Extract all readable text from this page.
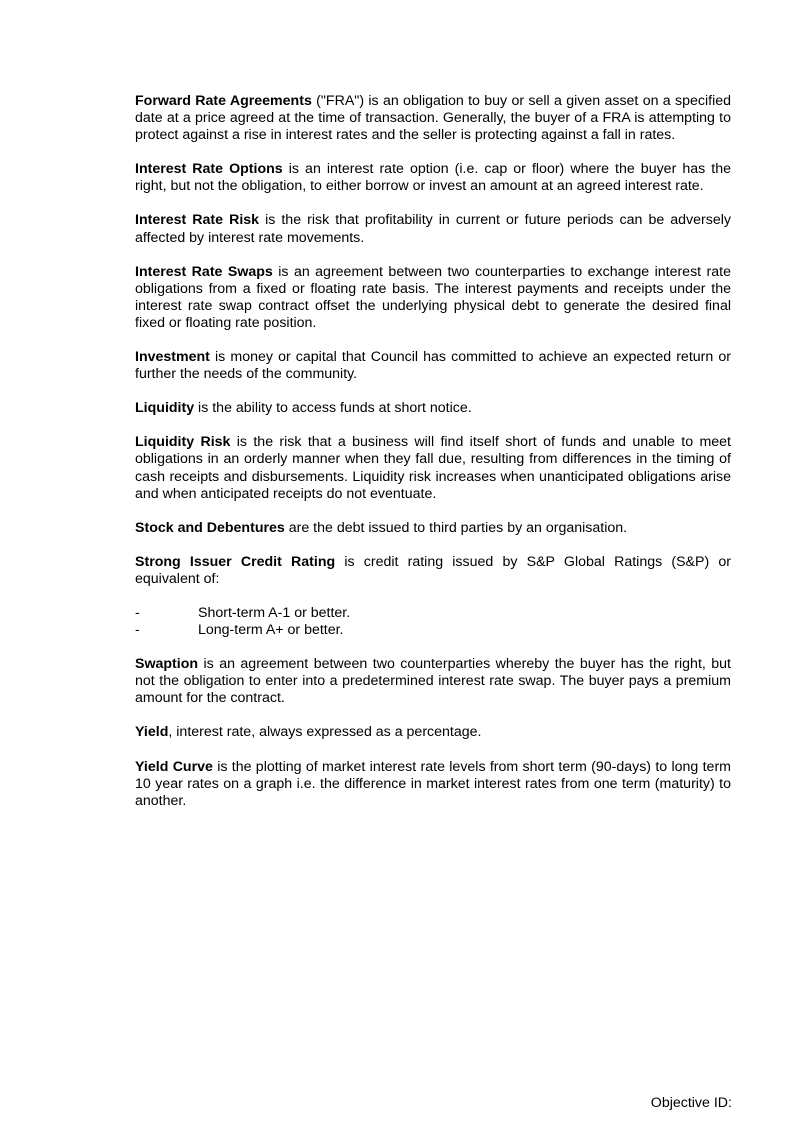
Forward Rate Agreements ("FRA") is an obligation to buy or sell a given asset on a specified date at a price agreed at the time of transaction. Generally, the buyer of a FRA is attempting to protect against a rise in interest rates and the seller is protecting against a fall in rates.

Interest Rate Options is an interest rate option (i.e. cap or floor) where the buyer has the right, but not the obligation, to either borrow or invest an amount at an agreed interest rate.

Interest Rate Risk is the risk that profitability in current or future periods can be adversely affected by interest rate movements.

Interest Rate Swaps is an agreement between two counterparties to exchange interest rate obligations from a fixed or floating rate basis. The interest payments and receipts under the interest rate swap contract offset the underlying physical debt to generate the desired final fixed or floating rate position.

Investment is money or capital that Council has committed to achieve an expected return or further the needs of the community.

Liquidity is the ability to access funds at short notice.

Liquidity Risk is the risk that a business will find itself short of funds and unable to meet obligations in an orderly manner when they fall due, resulting from differences in the timing of cash receipts and disbursements. Liquidity risk increases when unanticipated obligations arise and when anticipated receipts do not eventuate.

Stock and Debentures are the debt issued to third parties by an organisation.

Strong Issuer Credit Rating is credit rating issued by S&P Global Ratings (S&P) or equivalent of:

-	Short-term A-1 or better.
-	Long-term A+ or better.

Swaption is an agreement between two counterparties whereby the buyer has the right, but not the obligation to enter into a predetermined interest rate swap. The buyer pays a premium amount for the contract.

Yield, interest rate, always expressed as a percentage.

Yield Curve is the plotting of market interest rate levels from short term (90-days) to long term 10 year rates on a graph i.e. the difference in market interest rates from one term (maturity) to another.

Objective ID:
